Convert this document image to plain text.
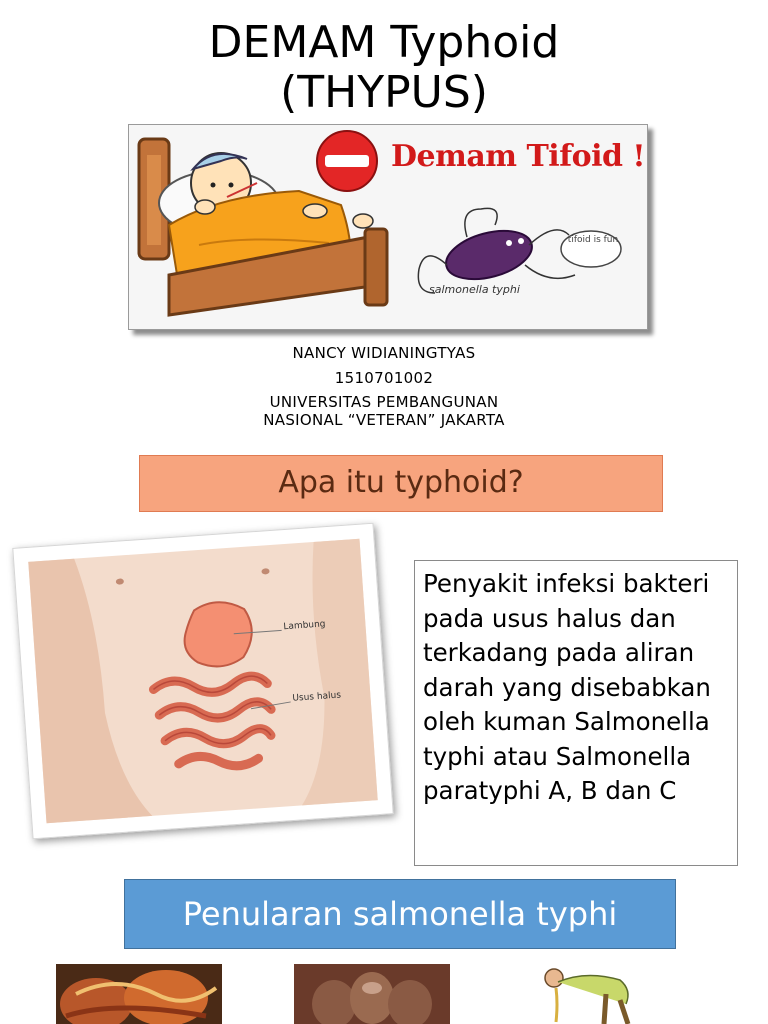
DEMAM Typhoid
(THYPUS)
Demam Tifoid !
tifoid is fun
salmonella typhi
NANCY WIDIANINGTYAS
1510701002
UNIVERSITAS PEMBANGUNAN
NASIONAL “VETERAN” JAKARTA
Apa itu typhoid?
Lambung
Usus halus
Penyakit infeksi bakteri pada usus halus dan terkadang pada aliran darah yang disebabkan oleh kuman Salmonella typhi atau Salmonella paratyphi A, B dan C
Penularan salmonella typhi
